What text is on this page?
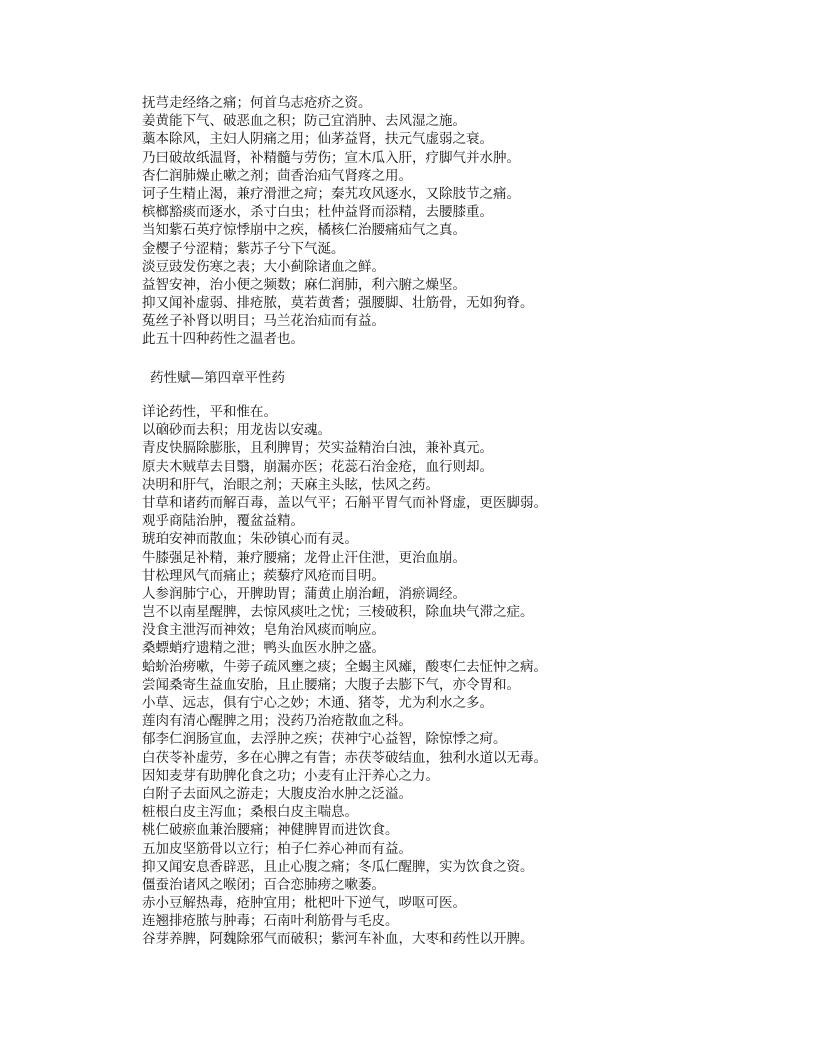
抚芎走经络之痛；何首乌志疮疥之资。
姜黄能下气、破恶血之积；防己宜消肿、去风湿之施。
藁本除风，主妇人阴痛之用；仙茅益肾，扶元气虚弱之衰。
乃曰破故纸温肾，补精髓与劳伤；宣木瓜入肝，疗脚气并水肿。
杏仁润肺燥止嗽之剂；茴香治疝气肾疼之用。
诃子生精止渴，兼疗滑泄之疴；秦艽攻风逐水，又除肢节之痛。
槟榔豁痰而逐水，杀寸白虫；杜仲益肾而添精，去腰膝重。
当知紫石英疗惊悸崩中之疾，橘核仁治腰痛疝气之真。
金樱子兮涩精；紫苏子兮下气涎。
淡豆豉发伤寒之表；大小蓟除诸血之鲜。
益智安神，治小便之频数；麻仁润肺，利六腑之燥坚。
抑又闻补虚弱、排疮脓，莫若黄耆；强腰脚、壮筋骨，无如狗脊。
菟丝子补肾以明目；马兰花治疝而有益。
此五十四种药性之温者也。
药性赋—第四章平性药
详论药性，平和惟在。
以硇砂而去积；用龙齿以安魂。
青皮快膈除膨胀，且利脾胃；芡实益精治白浊，兼补真元。
原夫木贼草去目翳，崩漏亦医；花蕊石治金疮，血行则却。
决明和肝气，治眼之剂；天麻主头眩，怯风之药。
甘草和诸药而解百毒，盖以气平；石斛平胃气而补肾虚，更医脚弱。
观乎商陆治肿，覆盆益精。
琥珀安神而散血；朱砂镇心而有灵。
牛膝强足补精，兼疗腰痛；龙骨止汗住泄，更治血崩。
甘松理风气而痛止；蒺藜疗风疮而目明。
人参润肺宁心，开脾助胃；蒲黄止崩治衄，消瘀调经。
岂不以南星醒脾，去惊风痰吐之忧；三棱破积，除血块气滞之症。
没食主泄泻而神效；皂角治风痰而响应。
桑螵蛸疗遗精之泄；鸭头血医水肿之盛。
蛤蚧治痨嗽，牛蒡子疏风壅之痰；全蝎主风瘫，酸枣仁去怔忡之病。
尝闻桑寄生益血安胎，且止腰痛；大腹子去膨下气，亦令胃和。
小草、远志，俱有宁心之妙；木通、猪苓，尤为利水之多。
莲肉有清心醒脾之用；没药乃治疮散血之科。
郁李仁润肠宣血，去浮肿之疾；茯神宁心益智，除惊悸之疴。
白茯苓补虚劳，多在心脾之有眚；赤茯苓破结血，独利水道以无毒。
因知麦芽有助脾化食之功；小麦有止汗养心之力。
白附子去面风之游走；大腹皮治水肿之泛溢。
桩根白皮主泻血；桑根白皮主喘息。
桃仁破瘀血兼治腰痛；神健脾胃而进饮食。
五加皮坚筋骨以立行；柏子仁养心神而有益。
抑又闻安息香辟恶，且止心腹之痛；冬瓜仁醒脾，实为饮食之资。
僵蚕治诸风之喉闭；百合恋肺痨之嗽萎。
赤小豆解热毒，疮肿宜用；枇杷叶下逆气，哕呕可医。
连翘排疮脓与肿毒；石南叶利筋骨与毛皮。
谷芽养脾，阿魏除邪气而破积；紫河车补血，大枣和药性以开脾。
